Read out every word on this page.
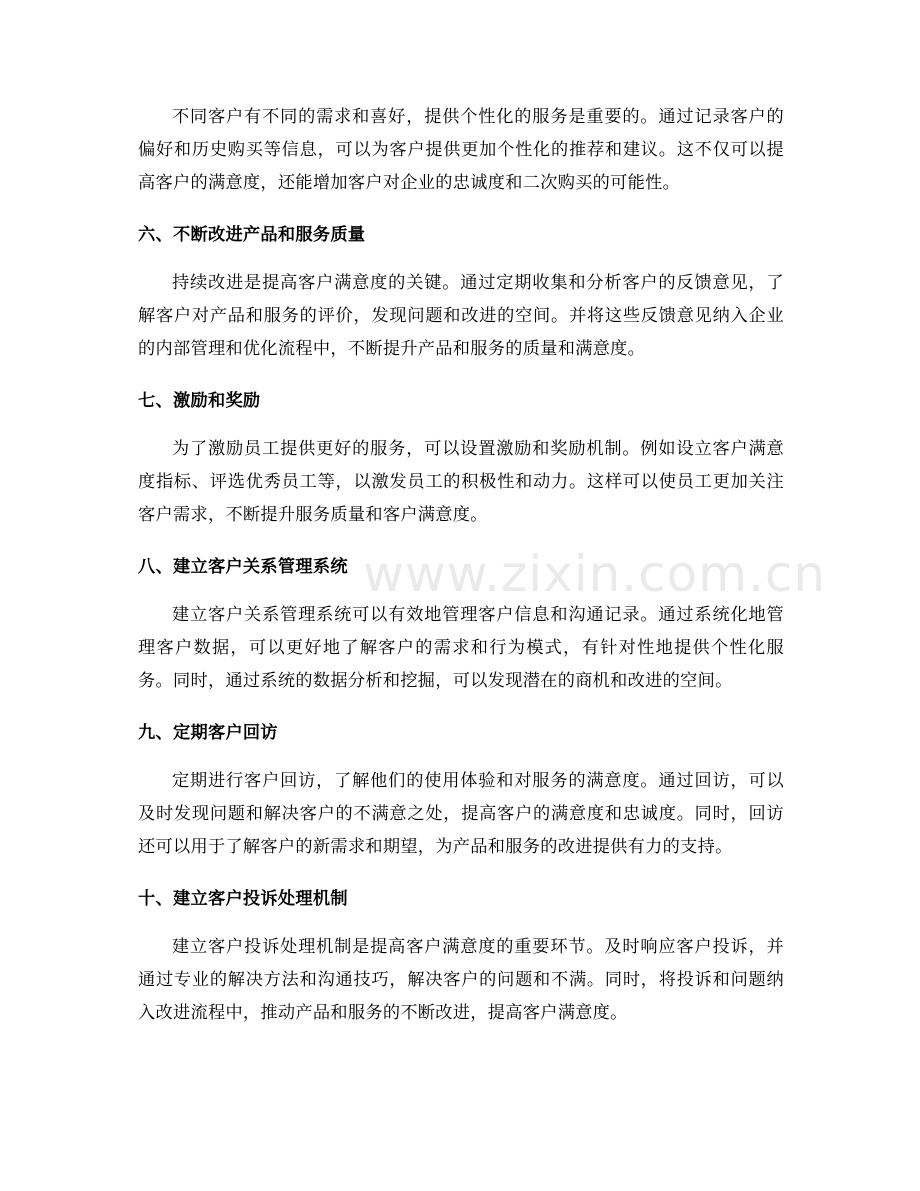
不同客户有不同的需求和喜好，提供个性化的服务是重要的。通过记录客户的偏好和历史购买等信息，可以为客户提供更加个性化的推荐和建议。这不仅可以提高客户的满意度，还能增加客户对企业的忠诚度和二次购买的可能性。

六、不断改进产品和服务质量

持续改进是提高客户满意度的关键。通过定期收集和分析客户的反馈意见，了解客户对产品和服务的评价，发现问题和改进的空间。并将这些反馈意见纳入企业的内部管理和优化流程中，不断提升产品和服务的质量和满意度。

七、激励和奖励

为了激励员工提供更好的服务，可以设置激励和奖励机制。例如设立客户满意度指标、评选优秀员工等，以激发员工的积极性和动力。这样可以使员工更加关注客户需求，不断提升服务质量和客户满意度。

八、建立客户关系管理系统

建立客户关系管理系统可以有效地管理客户信息和沟通记录。通过系统化地管理客户数据，可以更好地了解客户的需求和行为模式，有针对性地提供个性化服务。同时，通过系统的数据分析和挖掘，可以发现潜在的商机和改进的空间。

九、定期客户回访

定期进行客户回访，了解他们的使用体验和对服务的满意度。通过回访，可以及时发现问题和解决客户的不满意之处，提高客户的满意度和忠诚度。同时，回访还可以用于了解客户的新需求和期望，为产品和服务的改进提供有力的支持。

十、建立客户投诉处理机制

建立客户投诉处理机制是提高客户满意度的重要环节。及时响应客户投诉，并通过专业的解决方法和沟通技巧，解决客户的问题和不满。同时，将投诉和问题纳入改进流程中，推动产品和服务的不断改进，提高客户满意度。

www.zixin.com.cn
